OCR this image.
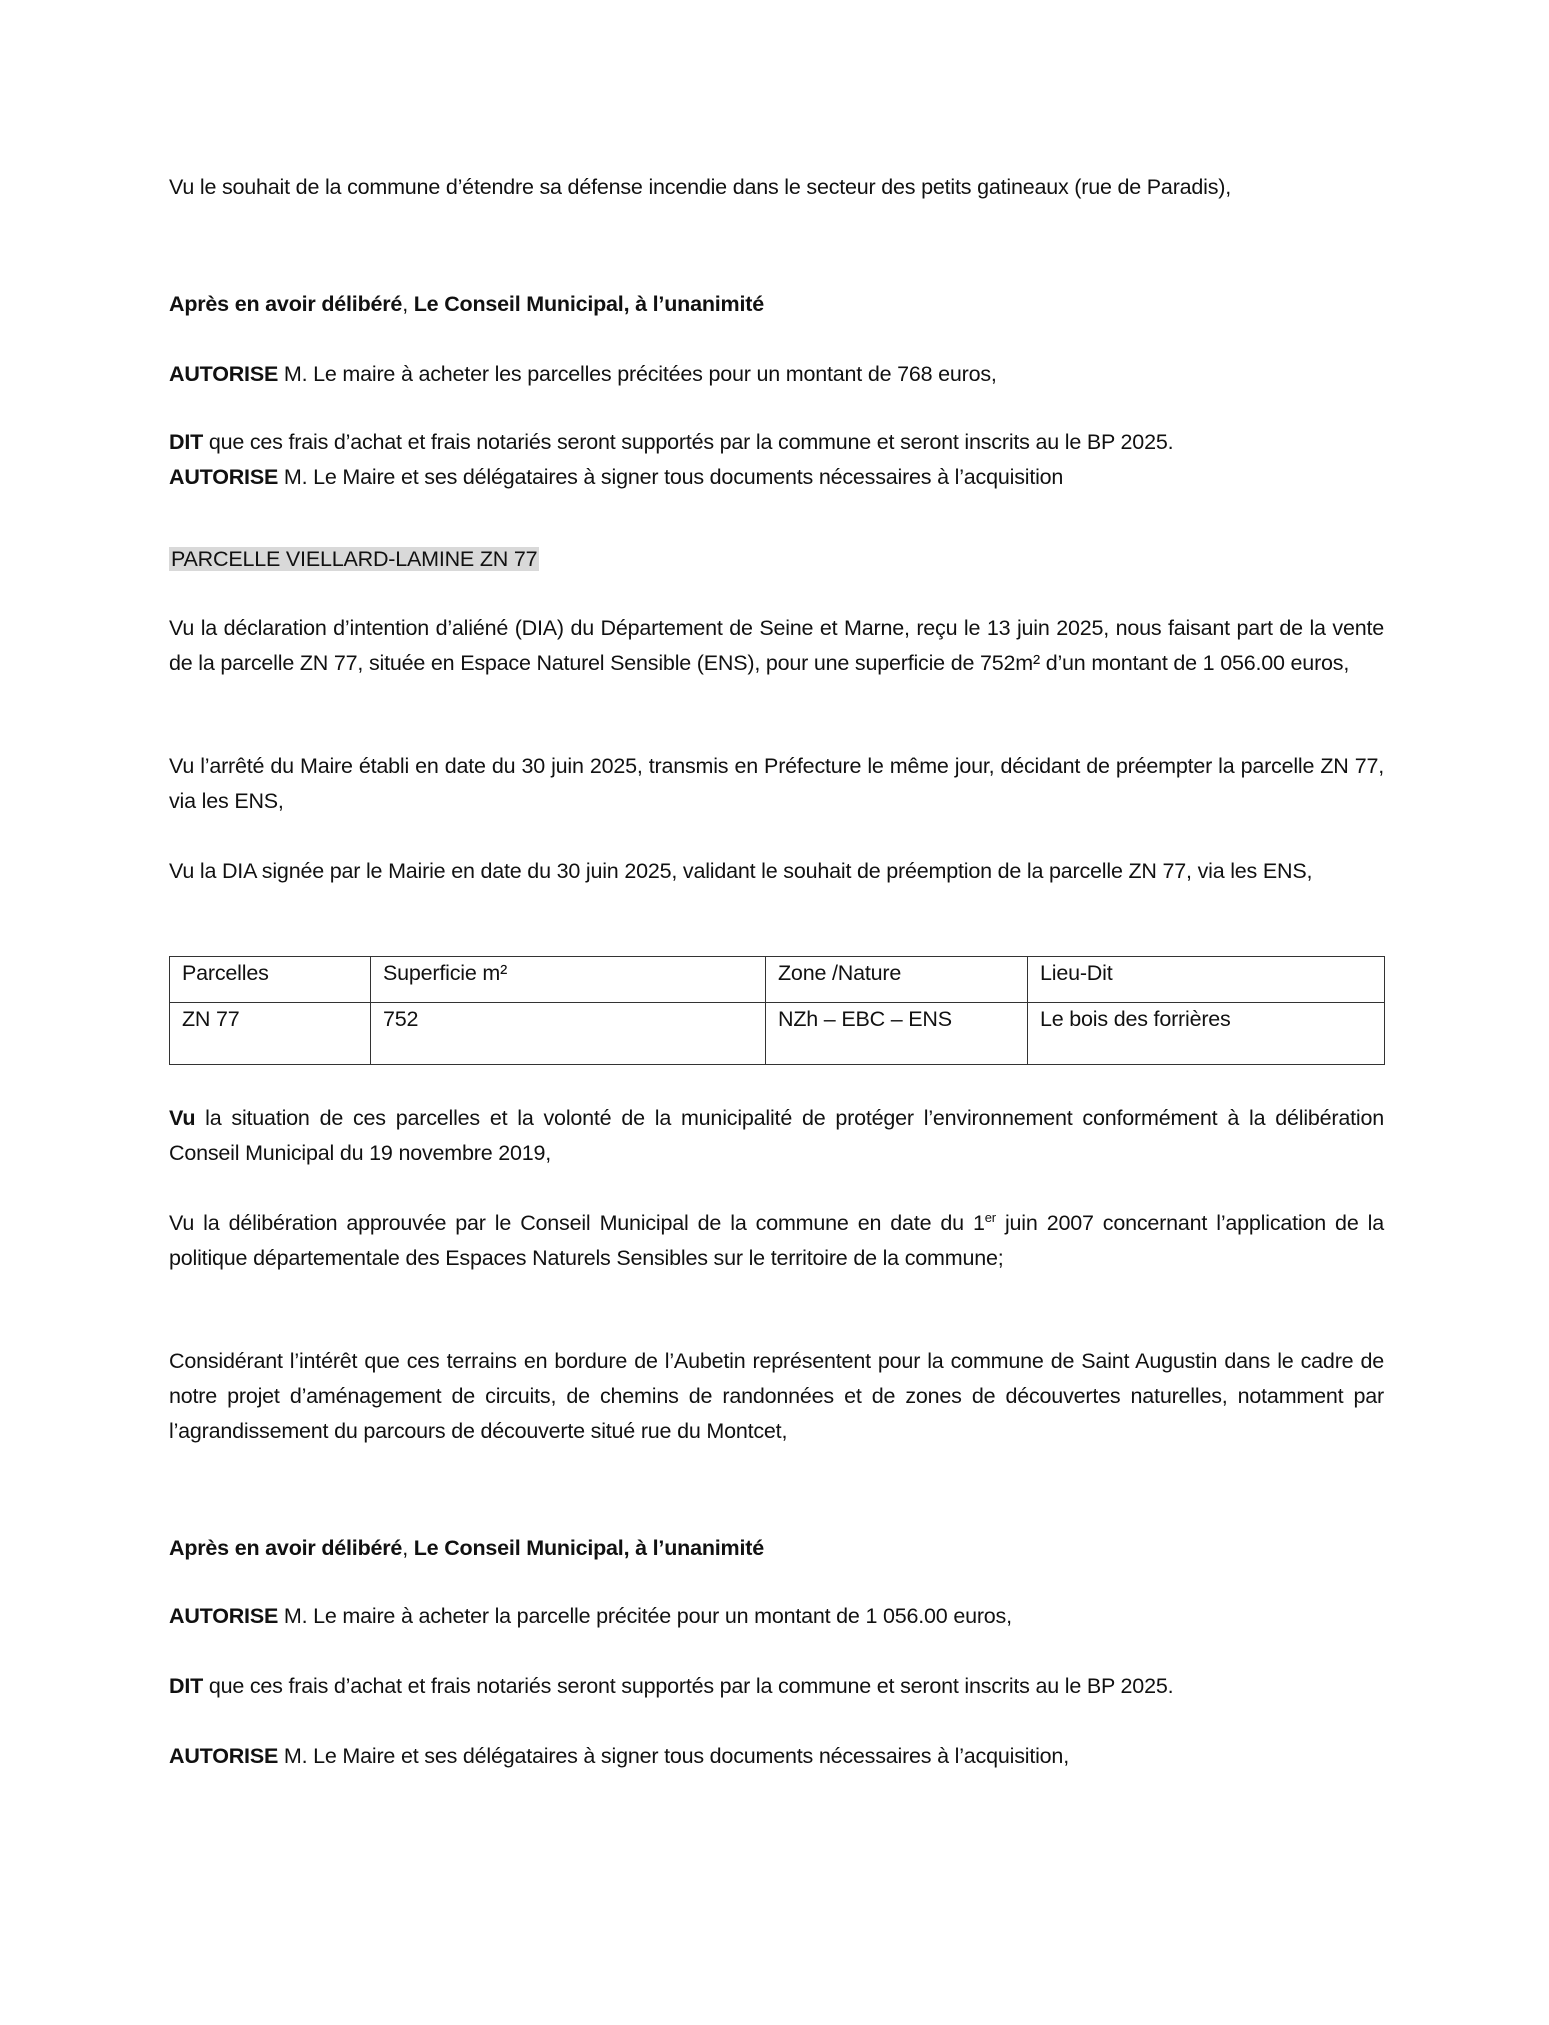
Vu le souhait de la commune d’étendre sa défense incendie dans le secteur des petits gatineaux (rue de Paradis),
Après en avoir délibéré, Le Conseil Municipal, à l’unanimité
AUTORISE M. Le maire à acheter les parcelles précitées pour un montant de 768 euros,
DIT que ces frais d’achat et frais notariés seront supportés par la commune et seront inscrits au le BP 2025.
AUTORISE M. Le Maire et ses délégataires à signer tous documents nécessaires à l’acquisition
PARCELLE VIELLARD-LAMINE ZN 77
Vu la déclaration d’intention d’aliéné (DIA) du Département de Seine et Marne, reçu le 13 juin 2025, nous faisant part de la vente de la parcelle ZN 77, située en Espace Naturel Sensible (ENS), pour une superficie de 752m² d’un montant de 1 056.00 euros,
Vu l’arrêté du Maire établi en date du 30 juin 2025, transmis en Préfecture le même jour, décidant de préempter la parcelle ZN 77, via les ENS,
Vu la DIA signée par le Mairie en date du 30 juin 2025, validant le souhait de préemption de la parcelle ZN 77, via les ENS,
Parcelles	Superficie m²	Zone /Nature	Lieu-Dit
ZN 77	752	NZh – EBC – ENS	Le bois des forrières
Vu la situation de ces parcelles et la volonté de la municipalité de protéger l’environnement conformément à la délibération Conseil Municipal du 19 novembre 2019,
Vu la délibération approuvée par le Conseil Municipal de la commune en date du 1er juin 2007 concernant l’application de la politique départementale des Espaces Naturels Sensibles sur le territoire de la commune;
Considérant l’intérêt que ces terrains en bordure de l’Aubetin représentent pour la commune de Saint Augustin dans le cadre de notre projet d’aménagement de circuits, de chemins de randonnées et de zones de découvertes naturelles, notamment par l’agrandissement du parcours de découverte situé rue du Montcet,
Après en avoir délibéré, Le Conseil Municipal, à l’unanimité
AUTORISE M. Le maire à acheter la parcelle précitée pour un montant de 1 056.00 euros,
DIT que ces frais d’achat et frais notariés seront supportés par la commune et seront inscrits au le BP 2025.
AUTORISE M. Le Maire et ses délégataires à signer tous documents nécessaires à l’acquisition,
